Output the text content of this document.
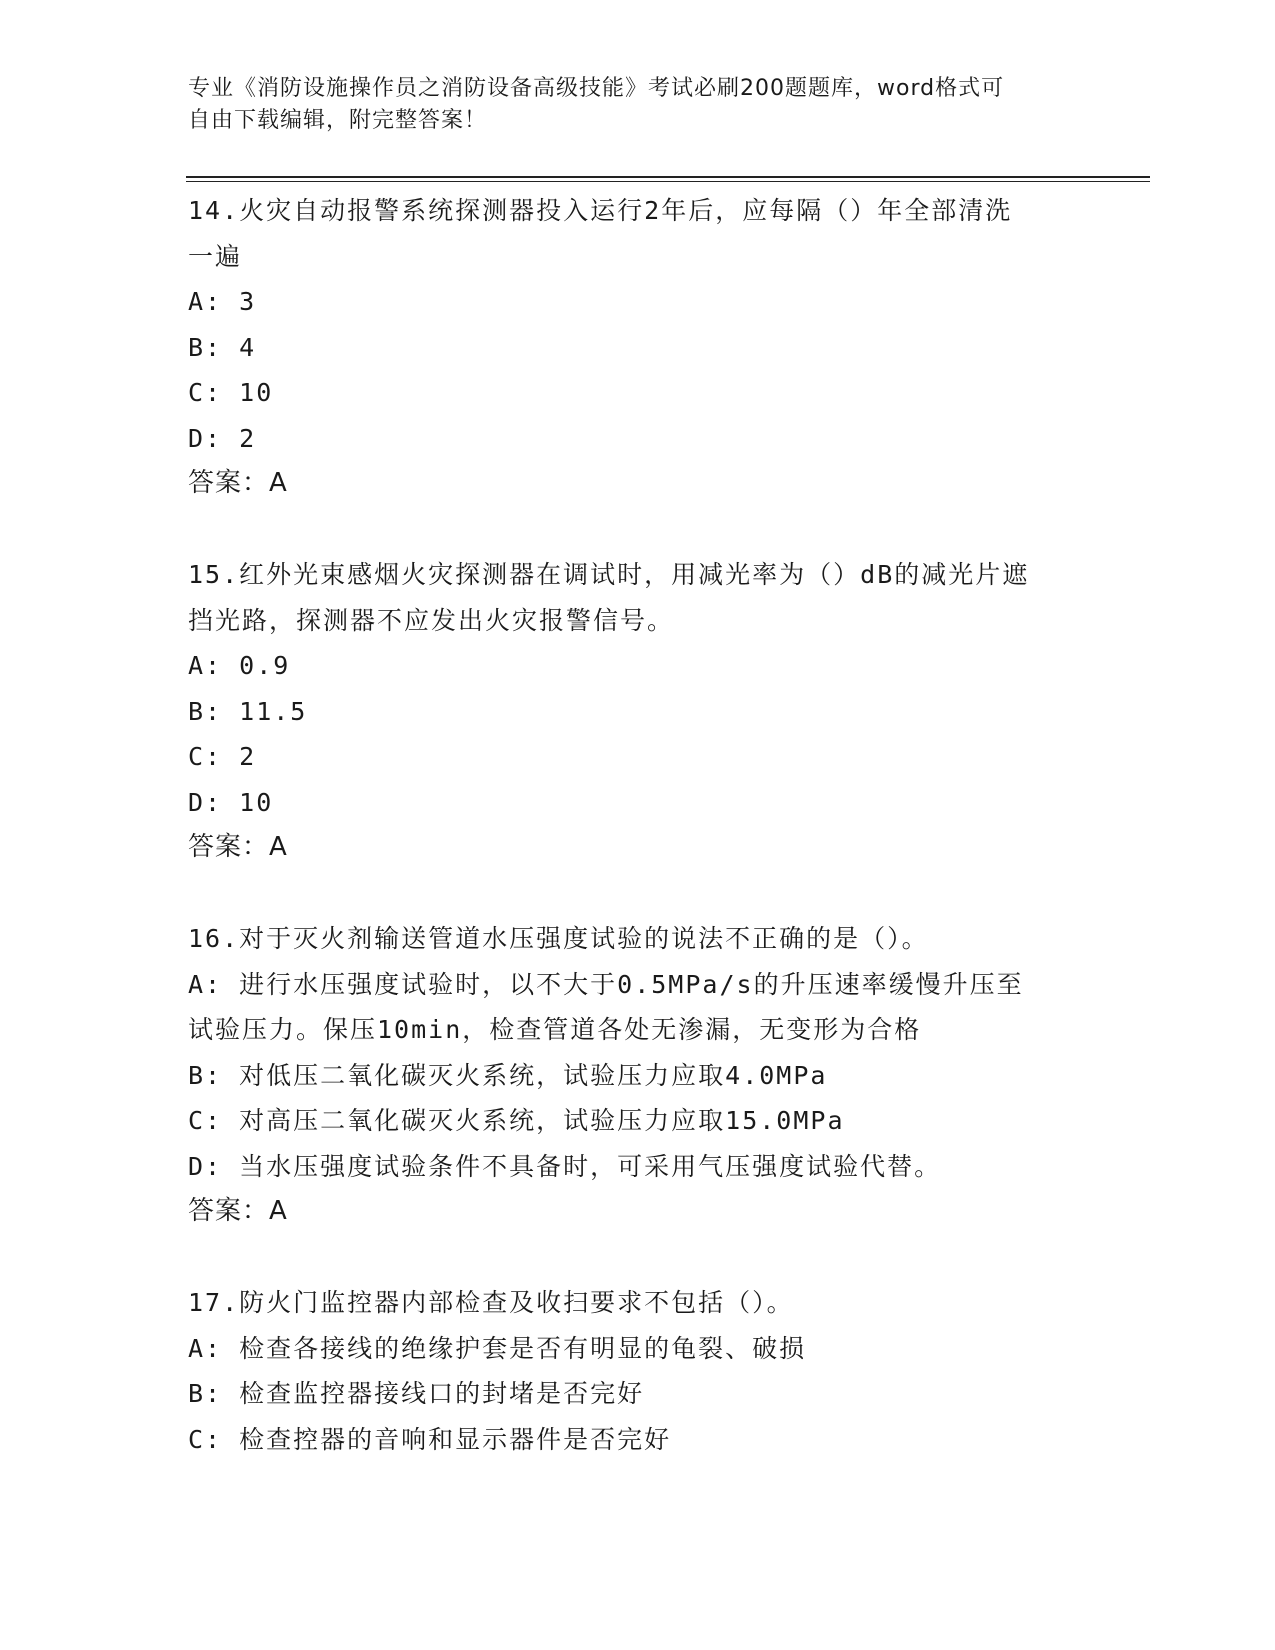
专业《消防设施操作员之消防设备高级技能》考试必刷200题题库，word格式可

自由下载编辑，附完整答案！

14.火灾自动报警系统探测器投入运行2年后，应每隔（）年全部清洗
一遍
A: 3
B: 4
C: 10
D: 2
答案：A
15.红外光束感烟火灾探测器在调试时，用减光率为（）dB的减光片遮
挡光路，探测器不应发出火灾报警信号。
A: 0.9
B: 11.5
C: 2
D: 10
答案：A
16.对于灭火剂输送管道水压强度试验的说法不正确的是（）。
A: 进行水压强度试验时，以不大于0.5MPa/s的升压速率缓慢升压至
试验压力。保压10min，检查管道各处无渗漏，无变形为合格
B: 对低压二氧化碳灭火系统，试验压力应取4.0MPa
C: 对高压二氧化碳灭火系统，试验压力应取15.0MPa
D: 当水压强度试验条件不具备时，可采用气压强度试验代替。
答案：A
17.防火门监控器内部检查及收扫要求不包括（）。
A: 检查各接线的绝缘护套是否有明显的龟裂、破损
B: 检查监控器接线口的封堵是否完好
C: 检查控器的音响和显示器件是否完好
